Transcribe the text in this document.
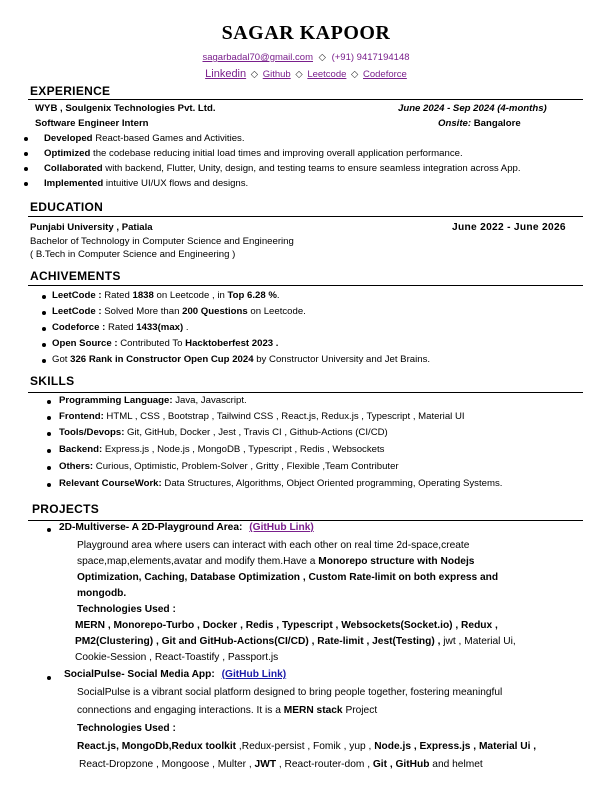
SAGAR KAPOOR
sagarbadal70@gmail.com ◇ (+91) 9417194148
Linkedin ◇ Github ◇ Leetcode ◇ Codeforce
EXPERIENCE
WYB , Soulgenix Technologies Pvt. Ltd.	June 2024 - Sep 2024 (4-months)
Software Engineer Intern	Onsite: Bangalore
Developed React-based Games and Activities.
Optimized the codebase reducing initial load times and improving overall application performance.
Collaborated with backend, Flutter, Unity, design, and testing teams to ensure seamless integration across App.
Implemented intuitive UI/UX flows and designs.
EDUCATION
Punjabi University , Patiala	June 2022 - June 2026
Bachelor of Technology in Computer Science and Engineering
( B.Tech in Computer Science and Engineering )
ACHIVEMENTS
LeetCode : Rated 1838 on Leetcode , in Top 6.28 %.
LeetCode : Solved More than 200 Questions on Leetcode.
Codeforce : Rated 1433(max) .
Open Source : Contributed To Hacktoberfest 2023 .
Got 326 Rank in Constructor Open Cup 2024 by Constructor University and Jet Brains.
SKILLS
Programming Language: Java, Javascript.
Frontend: HTML , CSS , Bootstrap , Tailwind CSS , React.js, Redux.js , Typescript , Material UI
Tools/Devops: Git, GitHub, Docker , Jest , Travis CI , Github-Actions (CI/CD)
Backend: Express.js , Node.js , MongoDB , Typescript , Redis , Websockets
Others: Curious, Optimistic, Problem-Solver , Gritty , Flexible ,Team Contributer
Relevant CourseWork: Data Structures, Algorithms, Object Oriented programming, Operating Systems.
PROJECTS
2D-Multiverse- A 2D-Playground Area: (GitHub Link)
Playground area where users can interact with each other on real time 2d-space,create
space,map,elements,avatar and modify them.Have a Monorepo structure with Nodejs
Optimization, Caching, Database Optimization , Custom Rate-limit on both express and
mongodb.
Technologies Used :
MERN , Monorepo-Turbo , Docker , Redis , Typescript , Websockets(Socket.io) , Redux ,
PM2(Clustering) , Git and GitHub-Actions(CI/CD) , Rate-limit , Jest(Testing) , jwt , Material Ui,
Cookie-Session , React-Toastify , Passport.js
SocialPulse- Social Media App: (GitHub Link)
SocialPulse is a vibrant social platform designed to bring people together, fostering meaningful
connections and engaging interactions. It is a MERN stack Project
Technologies Used :
React.js, MongoDb,Redux toolkit ,Redux-persist , Fomik , yup , Node.js , Express.js , Material Ui ,
React-Dropzone , Mongoose , Multer , JWT , React-router-dom , Git , GitHub and helmet
